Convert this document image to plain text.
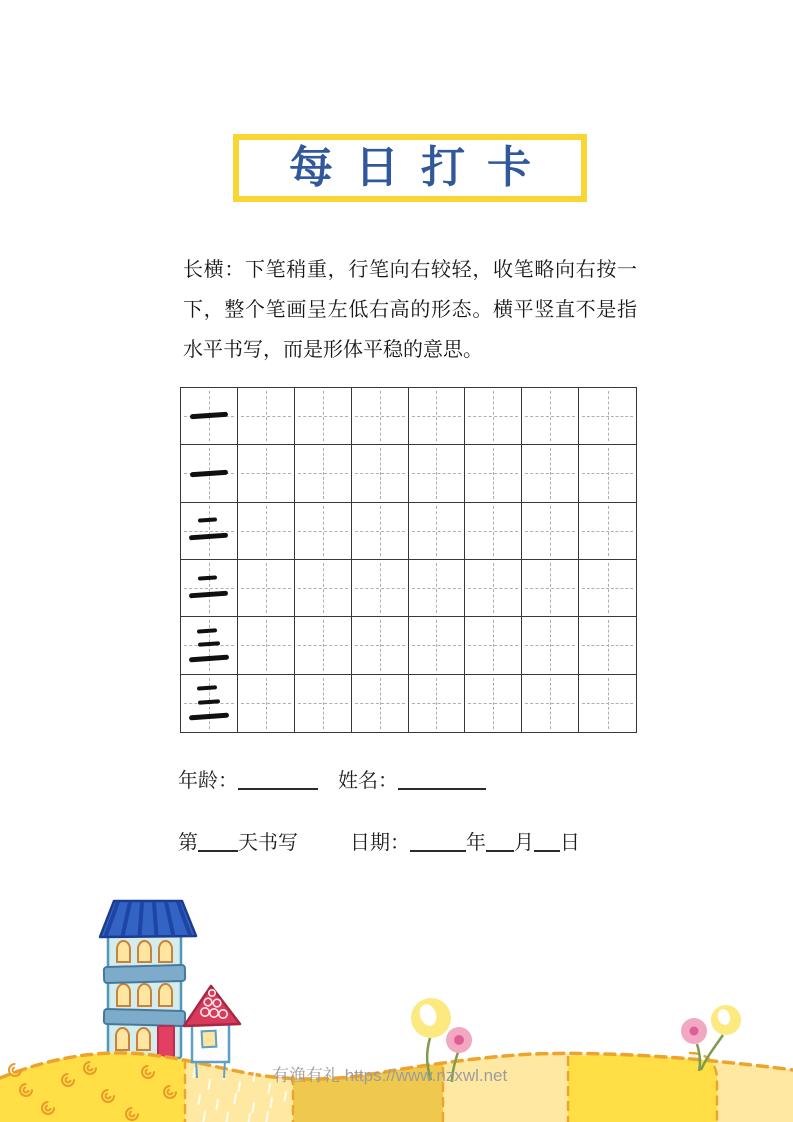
每日打卡

长横：下笔稍重，行笔向右较轻，收笔略向右按一下，整个笔画呈左低右高的形态。横平竖直不是指水平书写，而是形体平稳的意思。

年龄：	姓名：
第 天书写	日期：	年 月 日
有渔有礼 https://www.nzxwl.net
